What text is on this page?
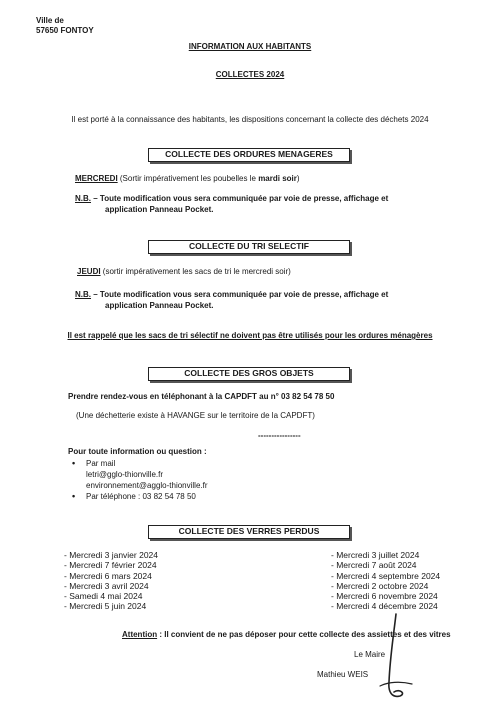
Ville de
57650 FONTOY
INFORMATION AUX HABITANTS
COLLECTES 2024
Il est porté à la connaissance des habitants, les dispositions concernant la collecte des déchets 2024
COLLECTE DES ORDURES MENAGERES
MERCREDI (Sortir impérativement les poubelles le mardi soir)
N.B. – Toute modification vous sera communiquée par voie de presse, affichage et
application Panneau Pocket.
COLLECTE DU TRI SELECTIF
JEUDI (sortir impérativement les sacs de tri le mercredi soir)
N.B. – Toute modification vous sera communiquée par voie de presse, affichage et
application Panneau Pocket.
Il est rappelé que les sacs de tri sélectif ne doivent pas être utilisés pour les ordures ménagères
COLLECTE DES GROS OBJETS
Prendre rendez-vous en téléphonant à la CAPDFT au n° 03 82 54 78 50
(Une déchetterie existe à HAVANGE sur le territoire de la CAPDFT)
----------------
Pour toute information ou question :
• Par mail
letri@gglo-thionville.fr
environnement@agglo-thionville.fr
• Par téléphone : 03 82 54 78 50
COLLECTE DES VERRES PERDUS
- Mercredi 3 janvier 2024
- Mercredi 7 février 2024
- Mercredi 6 mars 2024
- Mercredi 3 avril 2024
- Samedi 4 mai 2024
- Mercredi 5 juin 2024
- Mercredi 3 juillet 2024
- Mercredi 7 août 2024
- Mercredi 4 septembre 2024
- Mercredi 2 octobre 2024
- Mercredi 6 novembre 2024
- Mercredi 4 décembre 2024
Attention : Il convient de ne pas déposer pour cette collecte des assiettes et des vitres
Le Maire
Mathieu WEIS
